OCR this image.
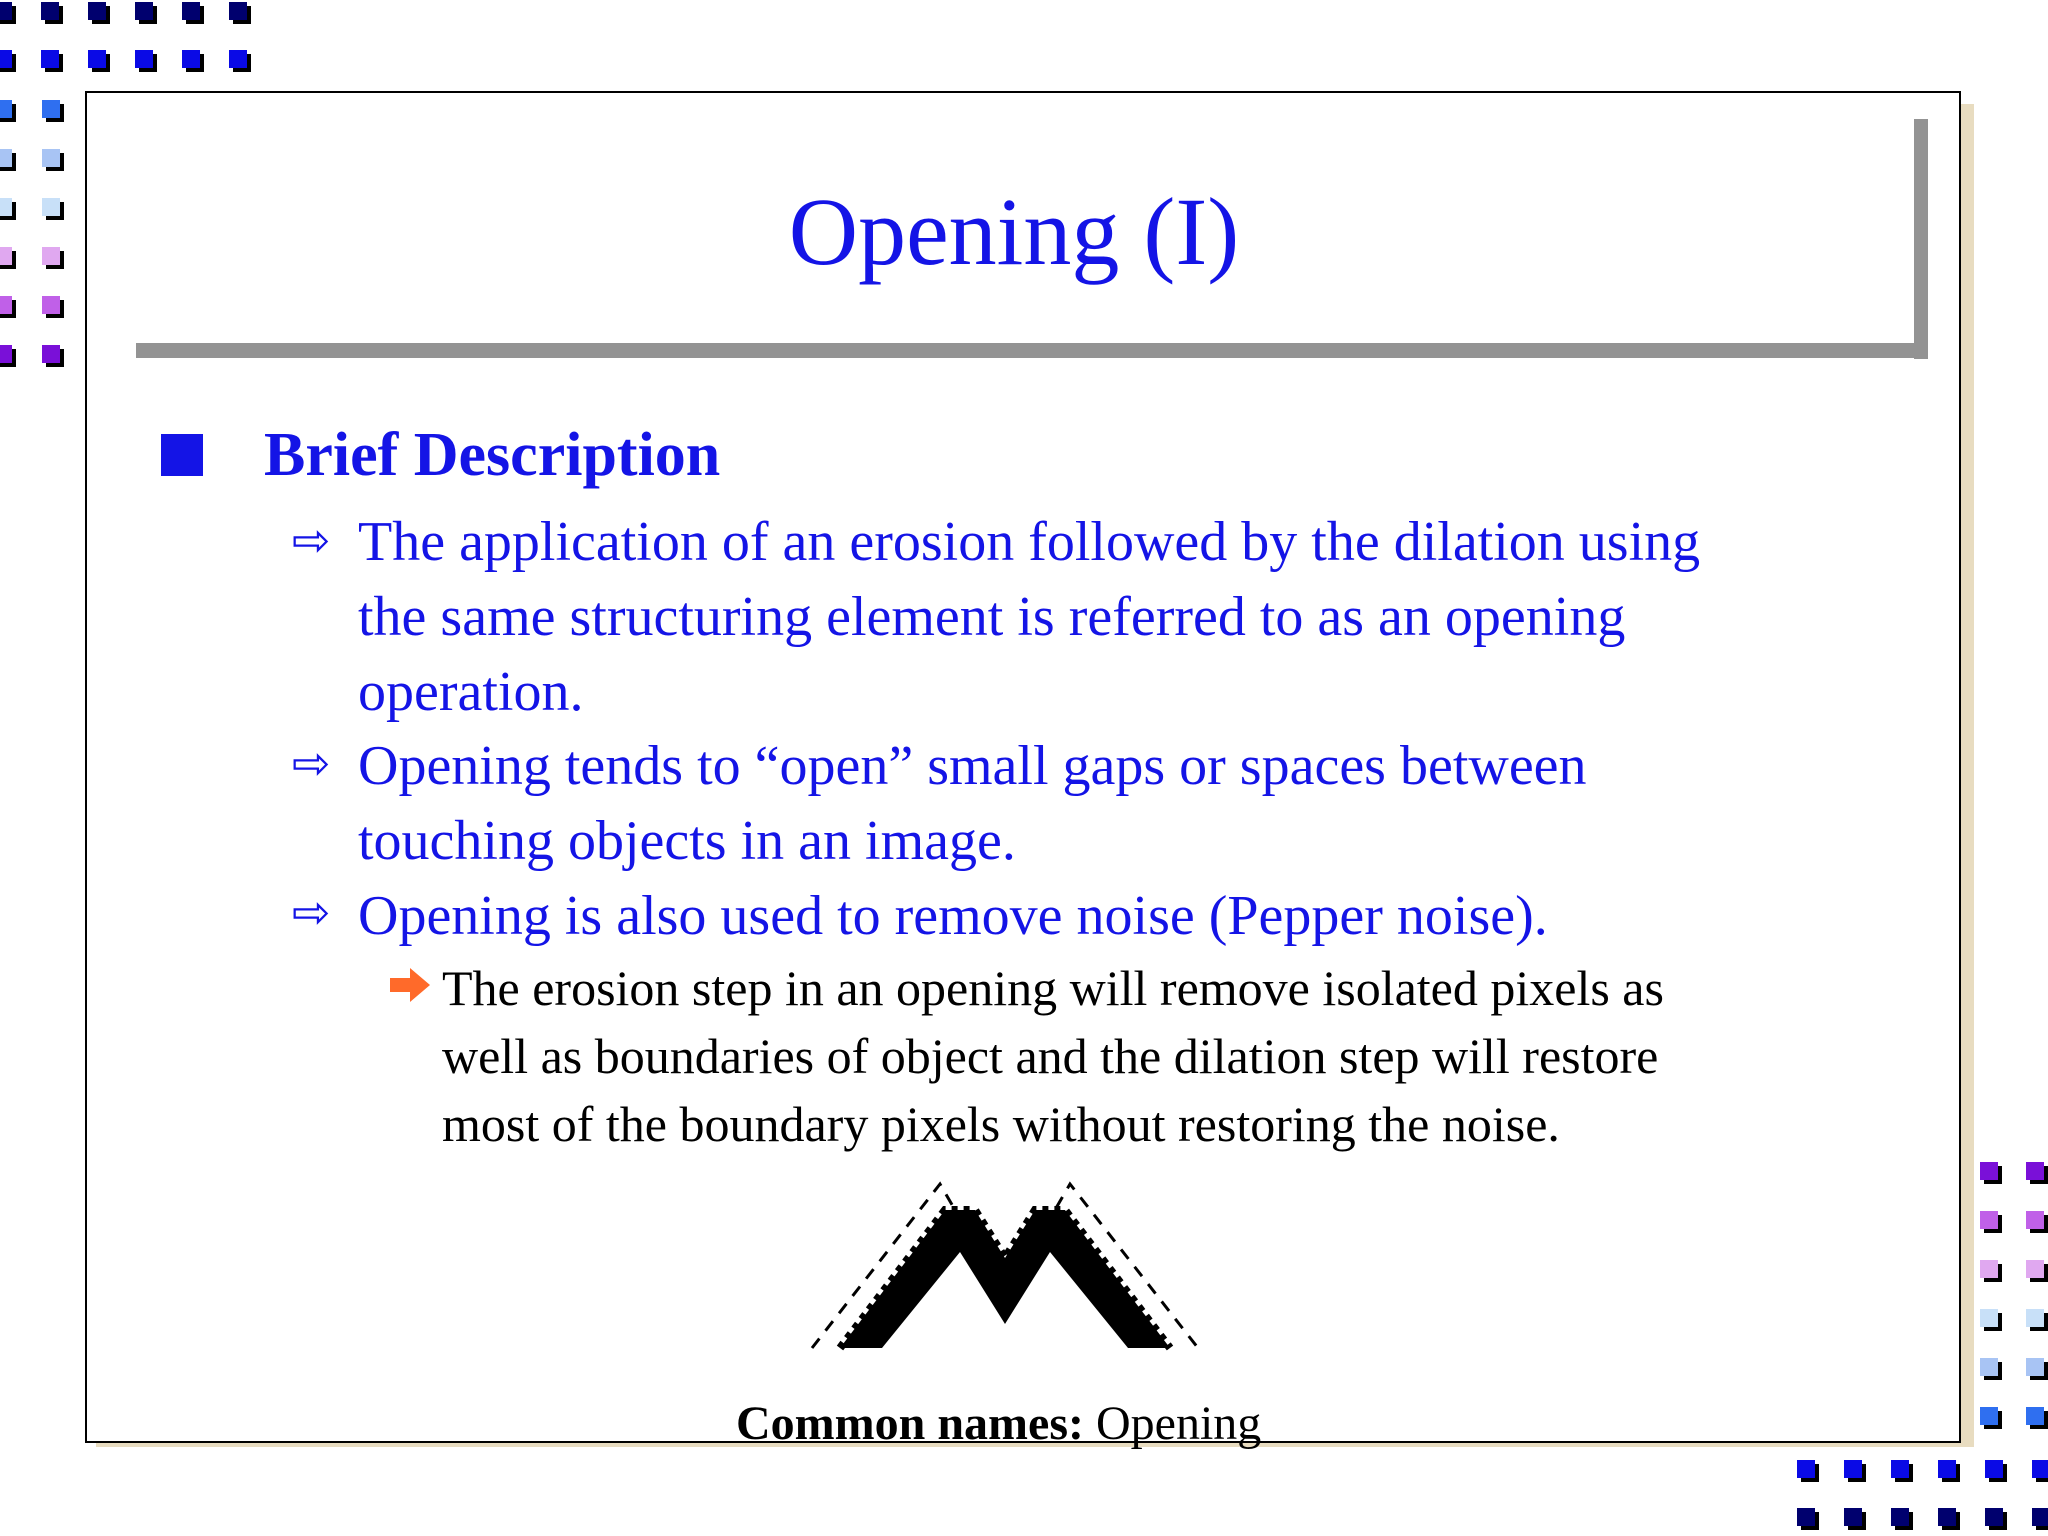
Opening (I)
Brief Description
⇨ The application of an erosion followed by the dilation using
the same structuring element is referred to as an opening
operation.
⇨ Opening tends to “open” small gaps or spaces between
touching objects in an image.
⇨ Opening is also used to remove noise (Pepper noise).
The erosion step in an opening will remove isolated pixels as
well as boundaries of object and the dilation step will restore
most of the boundary pixels without restoring the noise.
Common names: Opening
